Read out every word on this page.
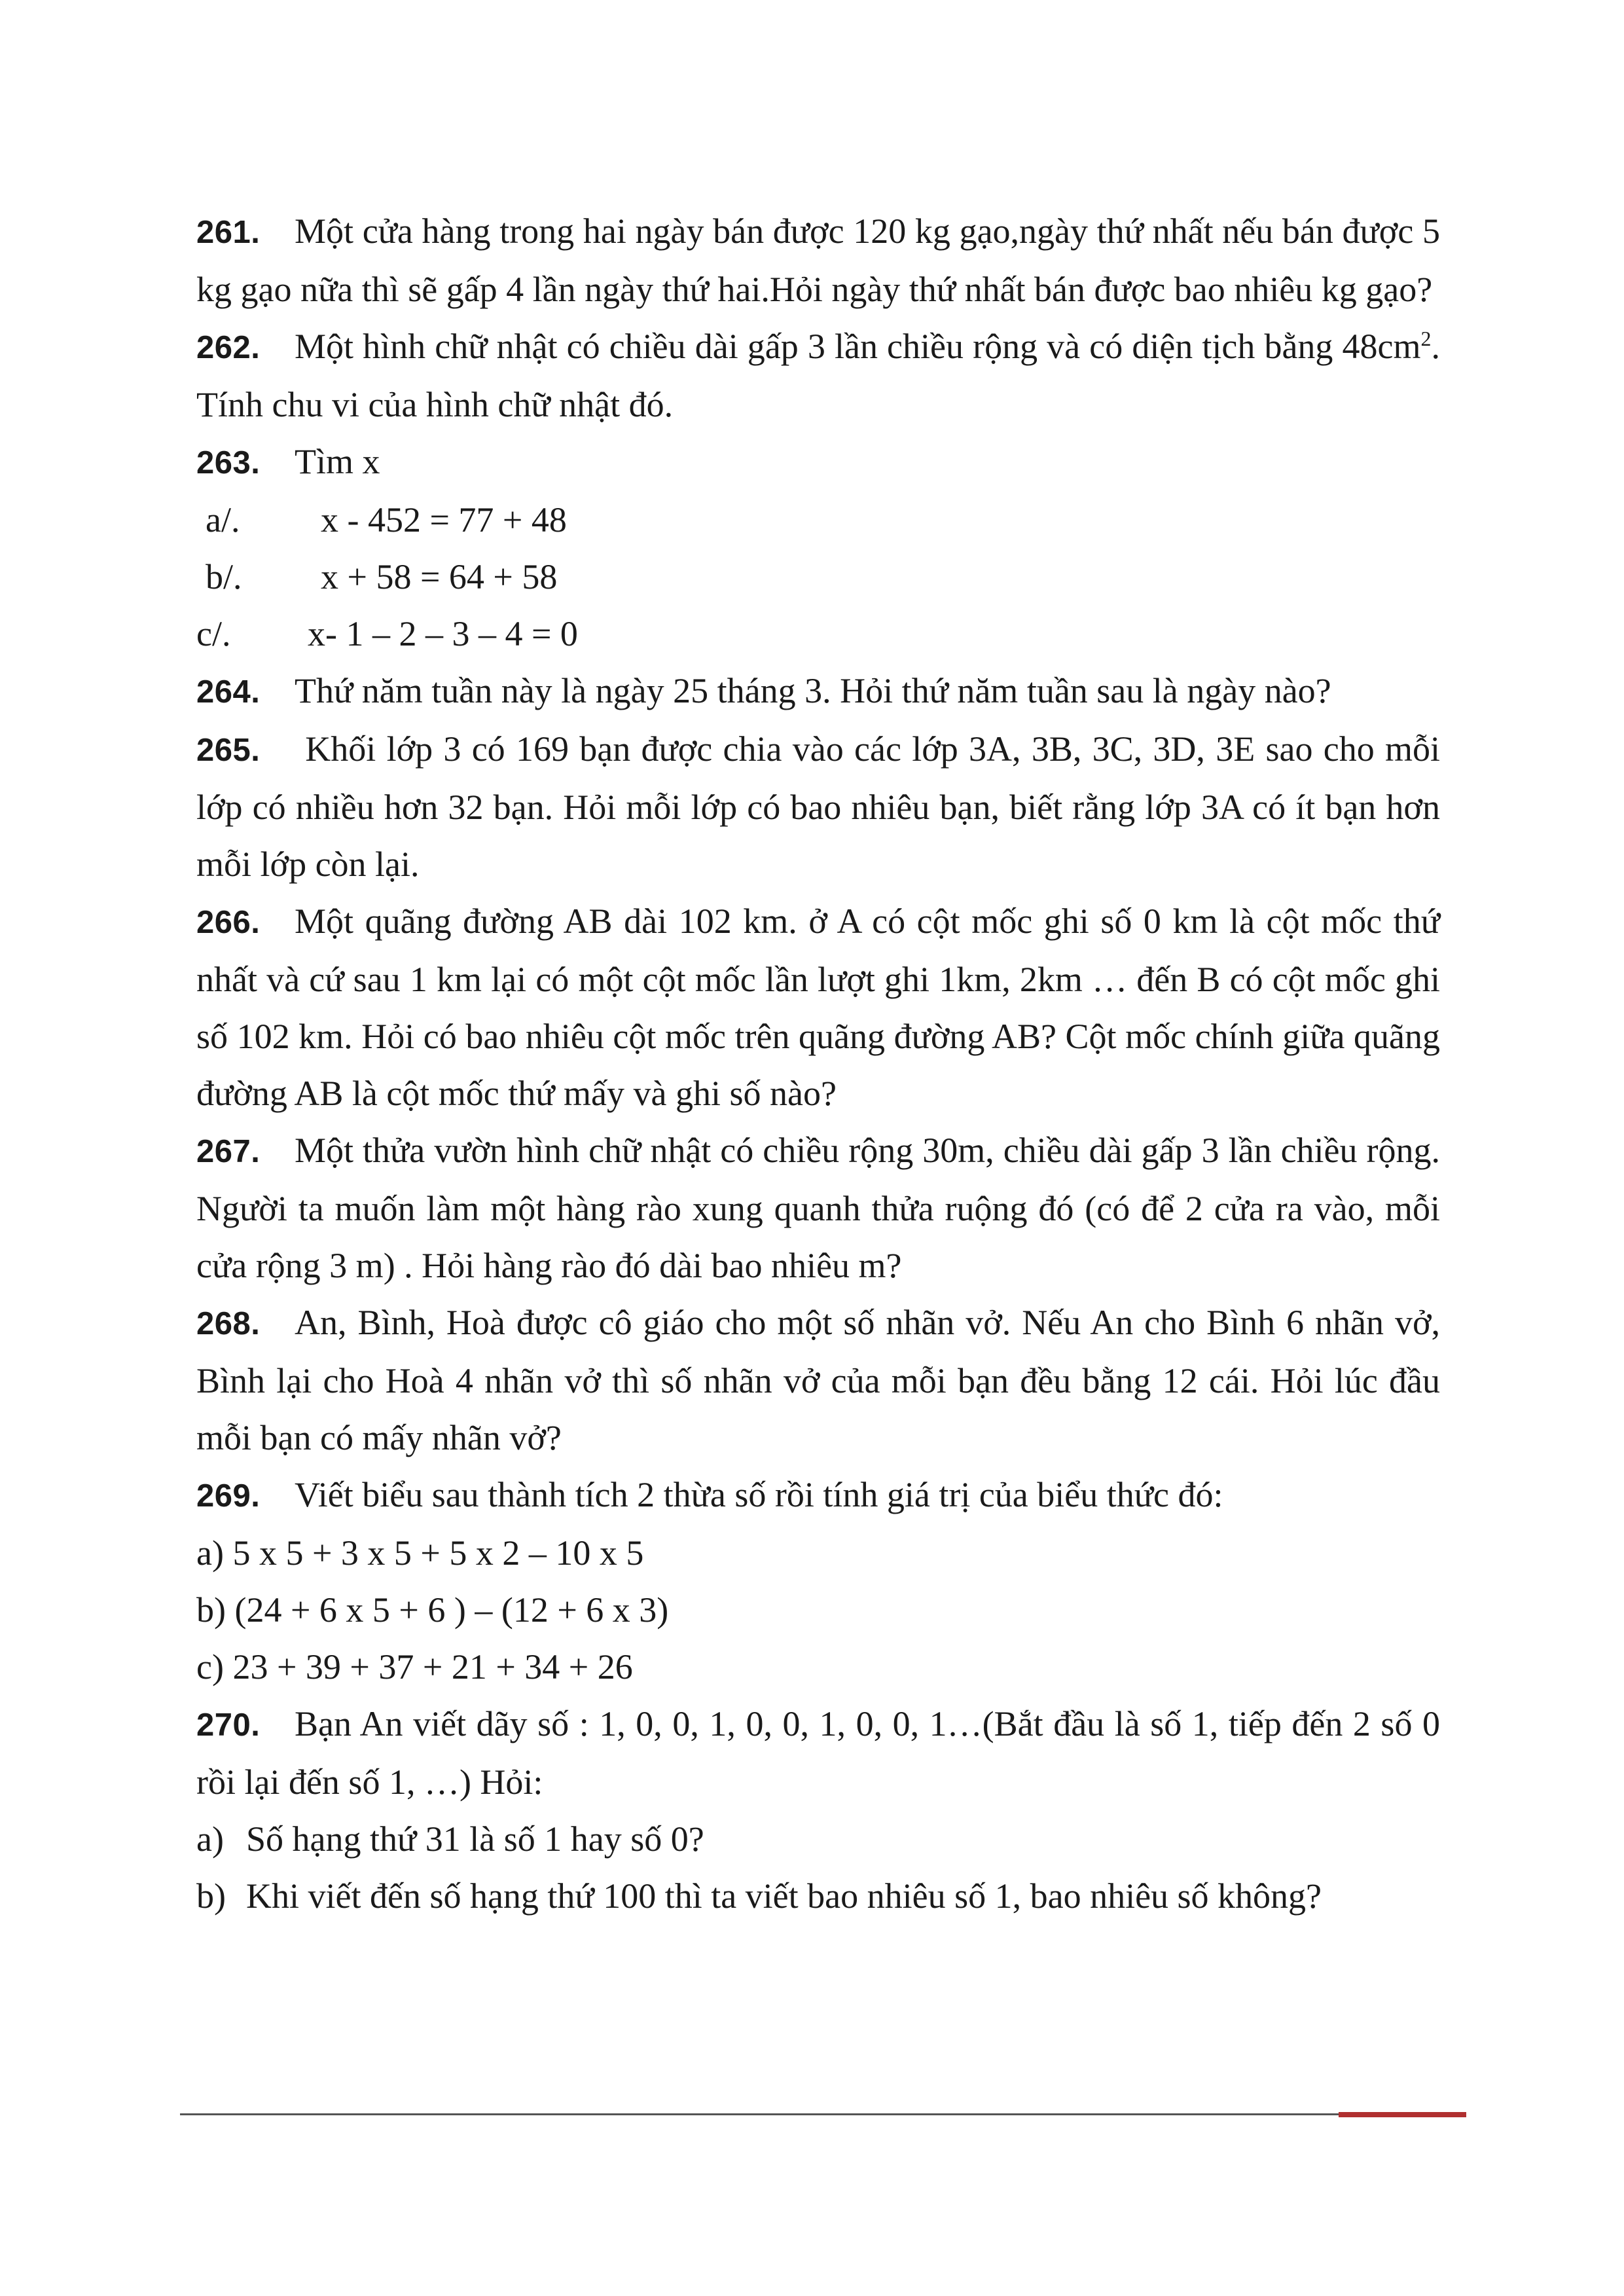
261. Một cửa hàng trong hai ngày bán được 120 kg gạo,ngày thứ nhất nếu bán được 5 kg gạo nữa thì sẽ gấp 4 lần ngày thứ hai.Hỏi ngày thứ nhất bán được bao nhiêu kg gạo?

262. Một hình chữ nhật có chiều dài gấp 3 lần chiều rộng và có diện tịch bằng $48cm^2$. Tính chu vi của hình chữ nhật đó.

263. Tìm x

a/.	x - 452 = 77 + 48
b/.	x + 58 = 64 + 58
c/.	x- 1 – 2 – 3 – 4 = 0

264. Thứ năm tuần này là ngày 25 tháng 3. Hỏi thứ năm tuần sau là ngày nào?

265. Khối lớp 3 có 169 bạn được chia vào các lớp 3A, 3B, 3C, 3D, 3E sao cho mỗi lớp có nhiều hơn 32 bạn. Hỏi mỗi lớp có bao nhiêu bạn, biết rằng lớp 3A có ít bạn hơn mỗi lớp còn lại.

266. Một quãng đường AB dài 102 km. ở A có cột mốc ghi số 0 km là cột mốc thứ nhất và cứ sau 1 km lại có một cột mốc lần lượt ghi 1km, 2km … đến B có cột mốc ghi số 102 km. Hỏi có bao nhiêu cột mốc trên quãng đường AB? Cột mốc chính giữa quãng đường AB là cột mốc thứ mấy và ghi số nào?

267. Một thửa vườn hình chữ nhật có chiều rộng 30m, chiều dài gấp 3 lần chiều rộng. Người ta muốn làm một hàng rào xung quanh thửa ruộng đó (có để 2 cửa ra vào, mỗi cửa rộng 3 m) . Hỏi hàng rào đó dài bao nhiêu m?

268. An, Bình, Hoà được cô giáo cho một số nhãn vở. Nếu An cho Bình 6 nhãn vở, Bình lại cho Hoà 4 nhãn vở thì số nhãn vở của mỗi bạn đều bằng 12 cái. Hỏi lúc đầu mỗi bạn có mấy nhãn vở?

269. Viết biểu sau thành tích 2 thừa số rồi tính giá trị của biểu thức đó:

a) 5 x 5 + 3 x 5 + 5 x 2 – 10 x 5
b) (24 + 6 x 5 + 6 ) – (12 + 6 x 3)
c) 23 + 39 + 37 + 21 + 34 + 26

270. Bạn An viết dãy số : 1, 0, 0, 1, 0, 0, 1, 0, 0, 1…(Bắt đầu là số 1, tiếp đến 2 số 0 rồi lại đến số 1, …) Hỏi:

a) Số hạng thứ 31 là số 1 hay số 0?
b) Khi viết đến số hạng thứ 100 thì ta viết bao nhiêu số 1, bao nhiêu số không?
